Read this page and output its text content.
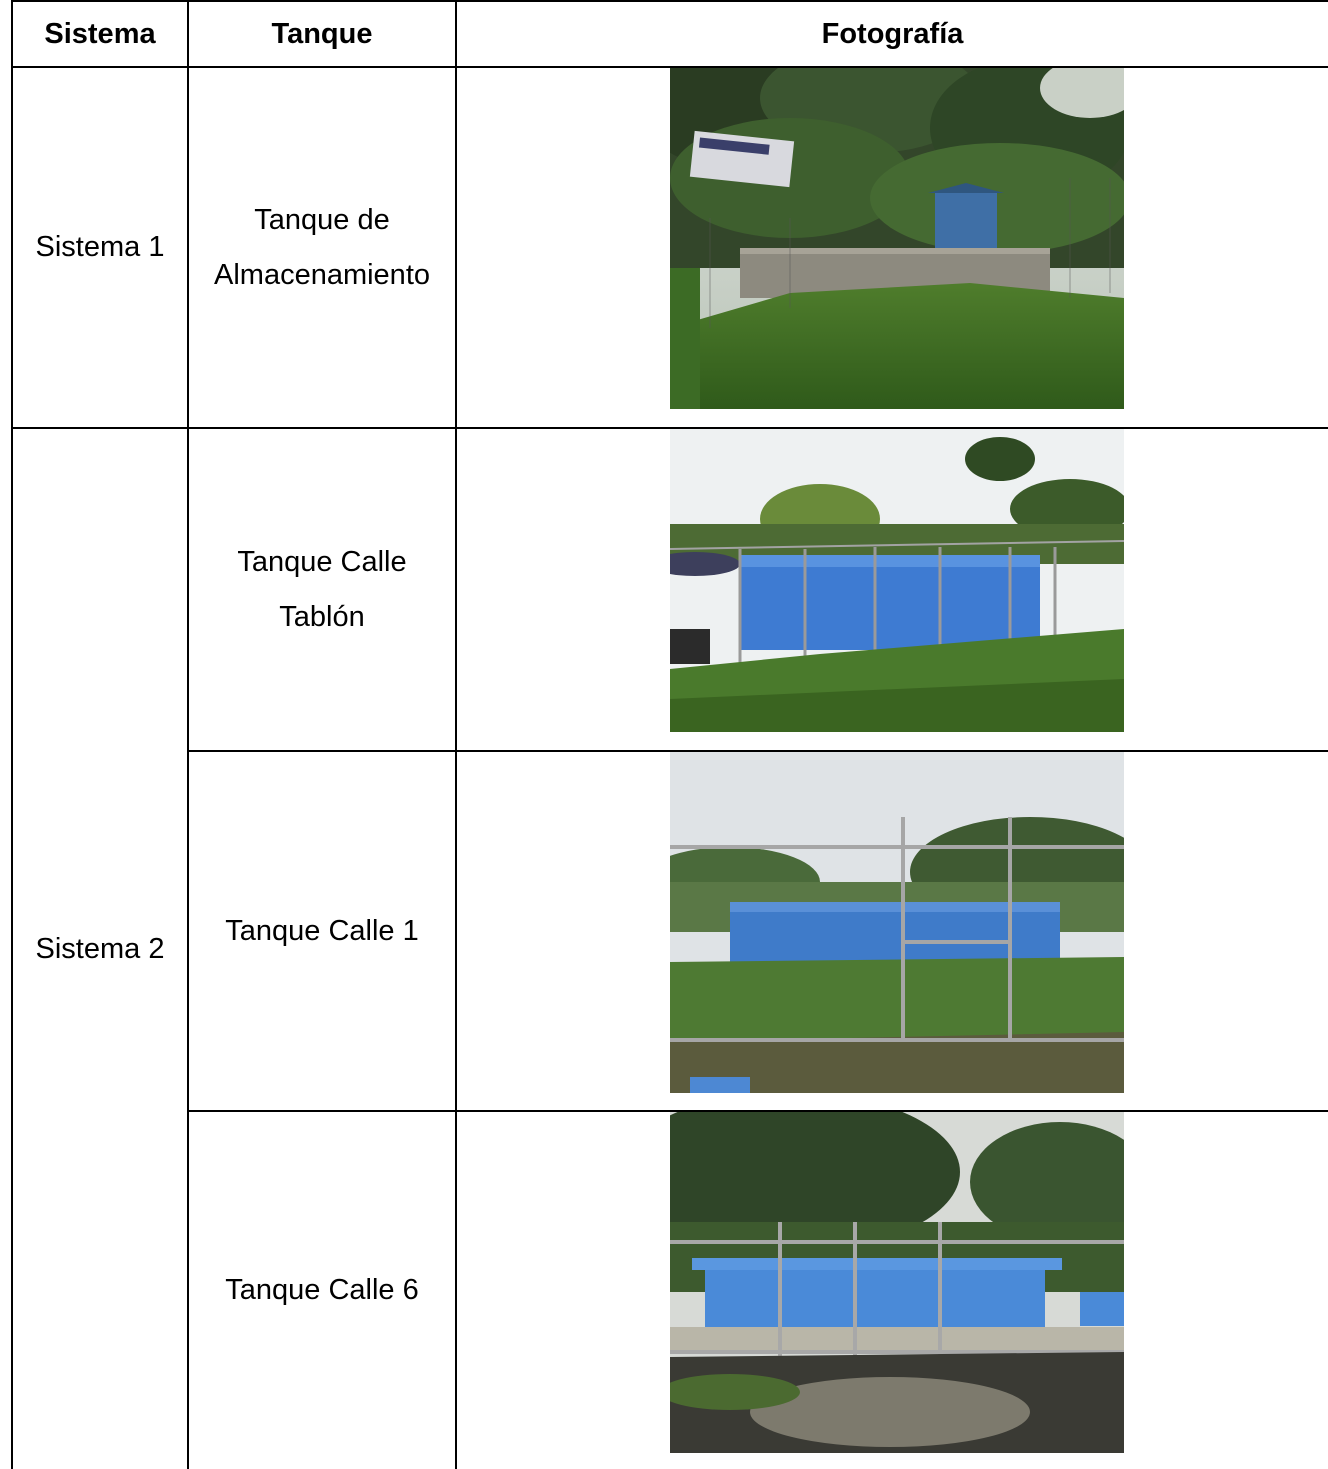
Sistema	Tanque	Fotografía
Sistema 1
Tanque de
Almacenamiento
Sistema 2
Tanque Calle
Tablón
Tanque Calle 1
Tanque Calle 6
